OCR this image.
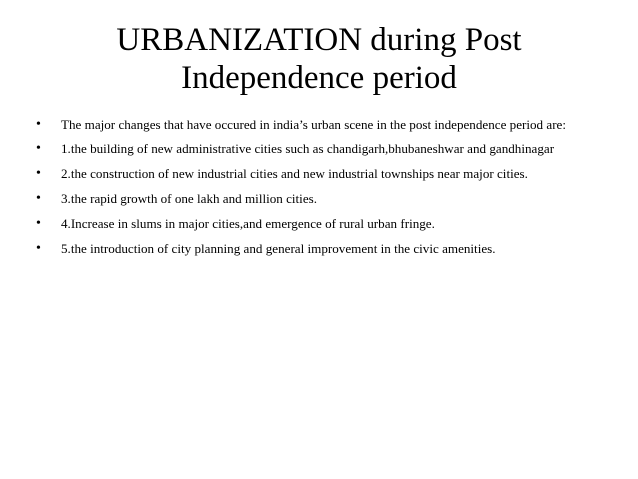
URBANIZATION during Post
Independence period
• The major changes that have occured in india’s urban scene in the post independence period are:
• 1.the building of new administrative cities such as chandigarh,bhubaneshwar and gandhinagar
• 2.the construction of new industrial cities and new industrial townships near major cities.
• 3.the rapid growth of one lakh and million cities.
• 4.Increase in slums in major cities,and emergence of rural urban fringe.
• 5.the introduction of city planning and general improvement in the civic amenities.
